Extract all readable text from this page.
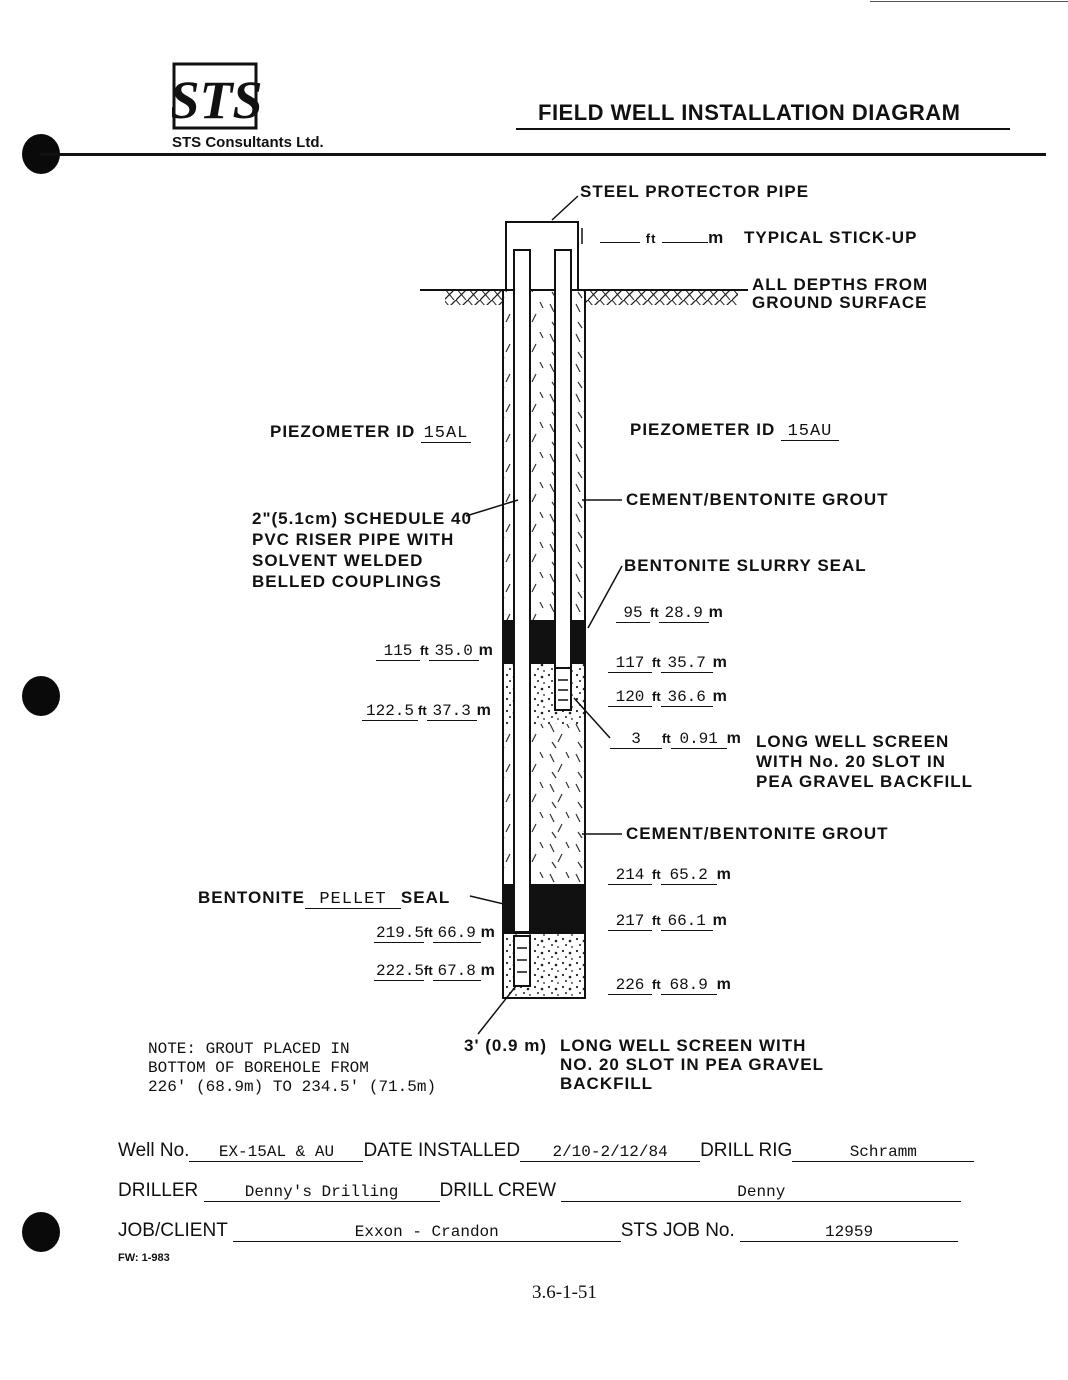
STS
STS Consultants Ltd.
FIELD WELL INSTALLATION DIAGRAM
STEEL PROTECTOR PIPE
ft	m TYPICAL STICK-UP
ALL DEPTHS FROM
GROUND SURFACE
PIEZOMETER ID 15AL	PIEZOMETER ID 15AU
2"(5.1cm) SCHEDULE 40
PVC RISER PIPE WITH
SOLVENT WELDED
BELLED COUPLINGS
CEMENT/BENTONITE GROUT
BENTONITE SLURRY SEAL
95 ft 28.9 m
117 ft 35.7 m
120 ft 36.6 m
3 ft 0.91 m LONG WELL SCREEN
WITH No. 20 SLOT IN
PEA GRAVEL BACKFILL
CEMENT/BENTONITE GROUT
214 ft 65.2 m
217 ft 66.1 m
226 ft 68.9 m
115 ft 35.0 m
122.5 ft 37.3 m
BENTONITE PELLET SEAL
219.5ft 66.9 m
222.5ft 67.8 m
3' (0.9 m) LONG WELL SCREEN WITH
NO. 20 SLOT IN PEA GRAVEL
BACKFILL
NOTE: GROUT PLACED IN
BOTTOM OF BOREHOLE FROM
226' (68.9m) TO 234.5' (71.5m)
Well No. EX-15AL & AU DATE INSTALLED 2/10-2/12/84 DRILL RIG	Schramm
DRILLER	Denny's Drilling DRILL CREW	Denny
JOB/CLIENT	Exxon - Crandon	STS JOB No.	12959
FW: 1-983
3.6-1-51
